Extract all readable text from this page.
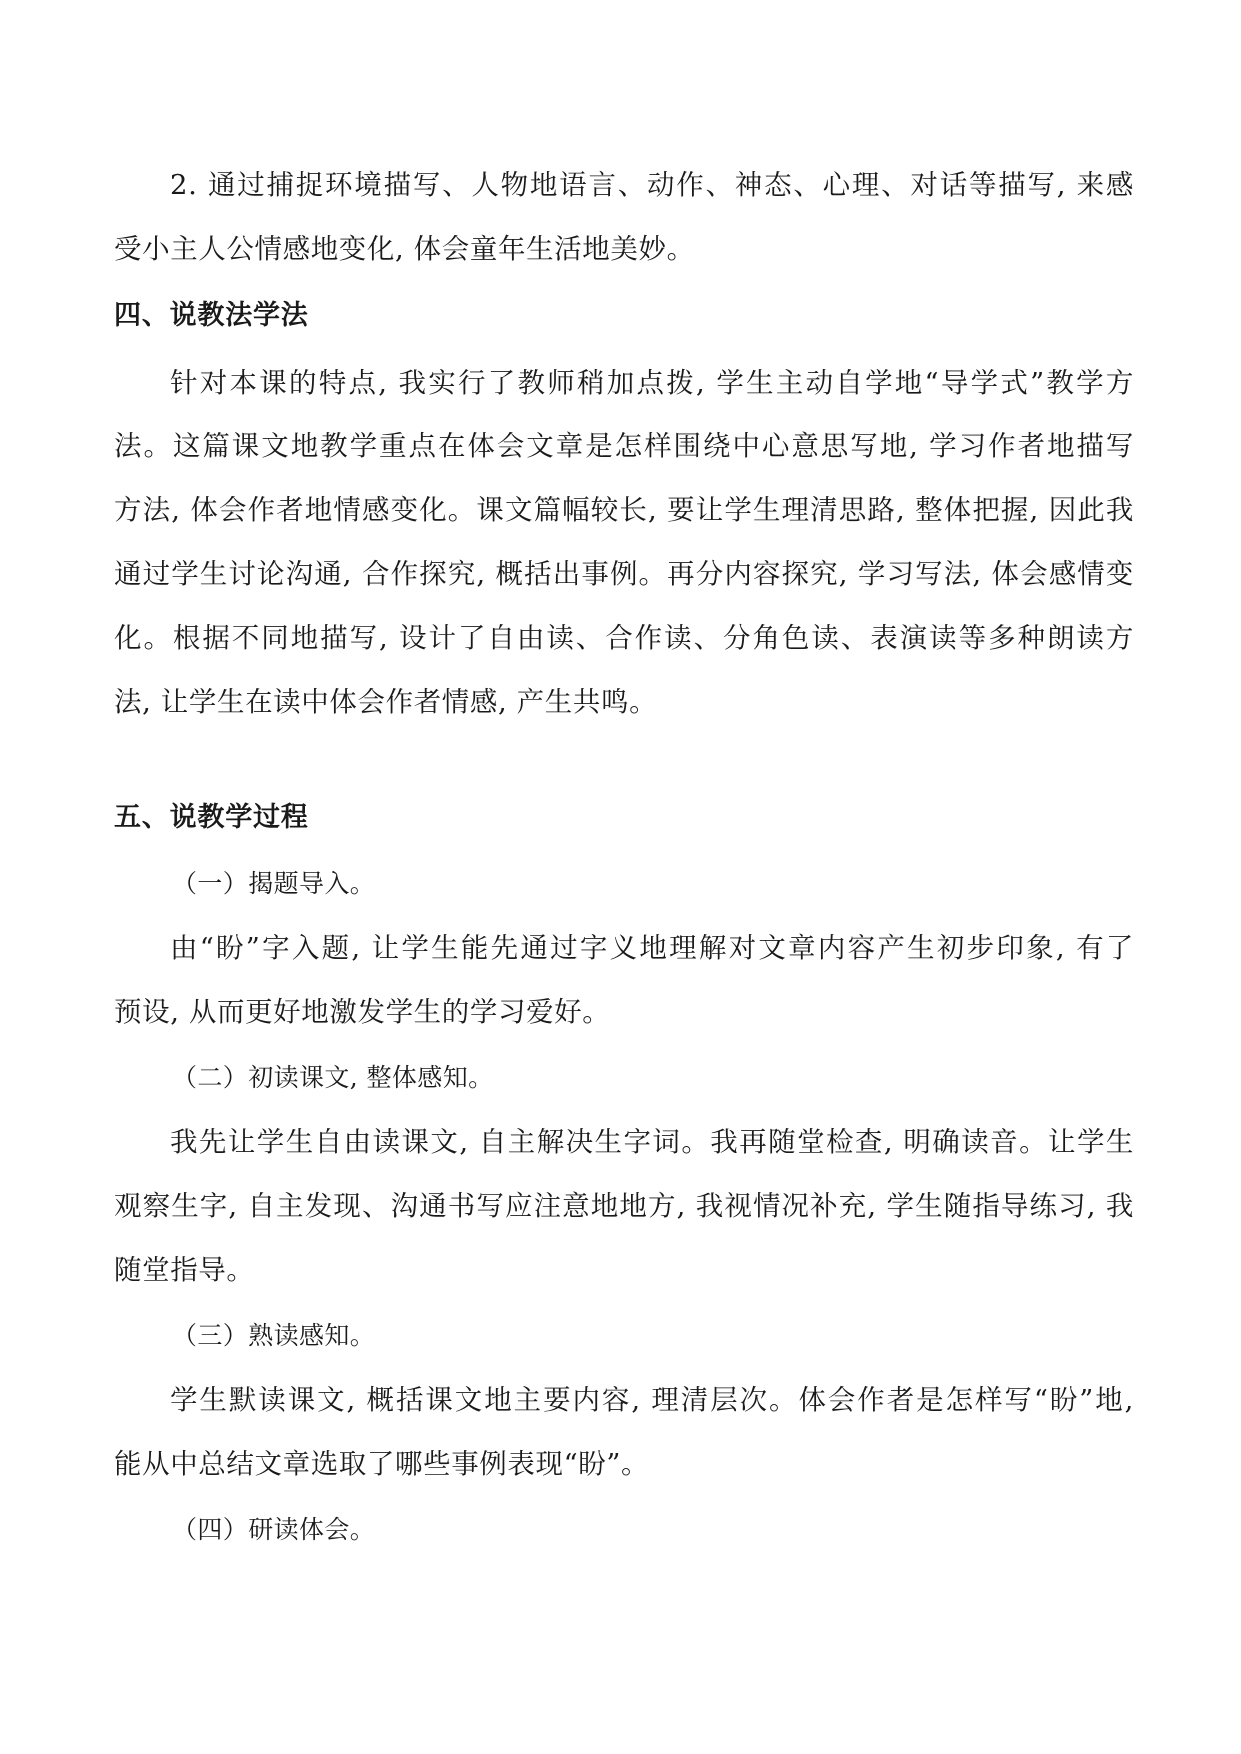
2. 通过捕捉环境描写、人物地语言、动作、神态、心理、对话等描写, 来感
受小主人公情感地变化, 体会童年生活地美妙。
四、说教法学法
针对本课的特点, 我实行了教师稍加点拨, 学生主动自学地“导学式”教学方
法。这篇课文地教学重点在体会文章是怎样围绕中心意思写地, 学习作者地描写
方法, 体会作者地情感变化。课文篇幅较长, 要让学生理清思路, 整体把握, 因此我
通过学生讨论沟通, 合作探究, 概括出事例。再分内容探究, 学习写法, 体会感情变
化。根据不同地描写, 设计了自由读、合作读、分角色读、表演读等多种朗读方
法, 让学生在读中体会作者情感, 产生共鸣。
五、说教学过程
（一）揭题导入。
由“盼”字入题, 让学生能先通过字义地理解对文章内容产生初步印象, 有了
预设, 从而更好地激发学生的学习爱好。
（二）初读课文, 整体感知。
我先让学生自由读课文, 自主解决生字词。我再随堂检查, 明确读音。让学生
观察生字, 自主发现、沟通书写应注意地地方, 我视情况补充, 学生随指导练习, 我
随堂指导。
（三）熟读感知。
学生默读课文, 概括课文地主要内容, 理清层次。体会作者是怎样写“盼”地,
能从中总结文章选取了哪些事例表现“盼”。
（四）研读体会。
